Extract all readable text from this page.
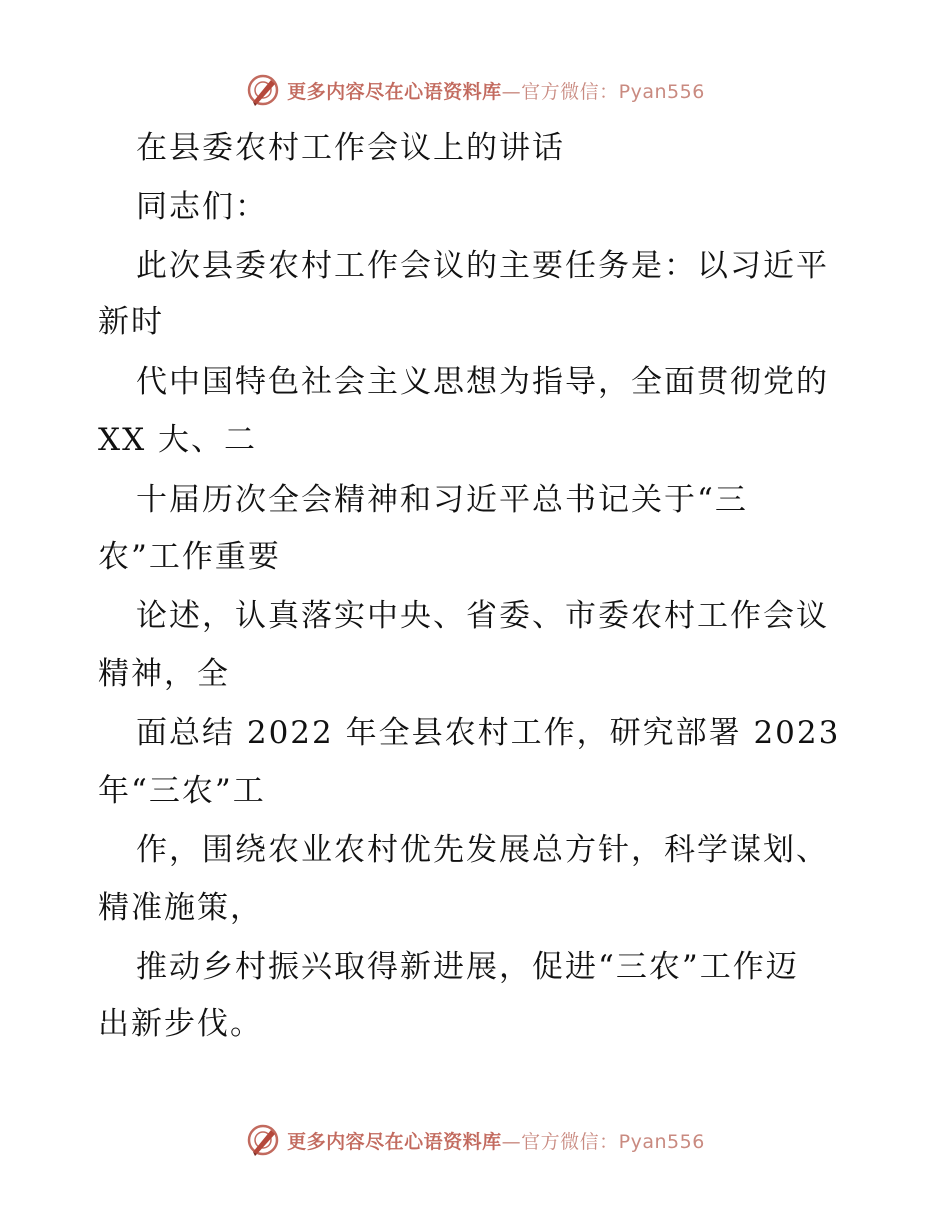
更多内容尽在心语资料库—官方微信：Pyan556
在县委农村工作会议上的讲话
同志们：
此次县委农村工作会议的主要任务是：以习近平
新时
代中国特色社会主义思想为指导，全面贯彻党的
XX 大、二
十届历次全会精神和习近平总书记关于“三
农”工作重要
论述，认真落实中央、省委、市委农村工作会议
精神，全
面总结 2022 年全县农村工作，研究部署 2023
年“三农”工
作，围绕农业农村优先发展总方针，科学谋划、
精准施策，
推动乡村振兴取得新进展，促进“三农”工作迈
出新步伐。
更多内容尽在心语资料库—官方微信：Pyan556
